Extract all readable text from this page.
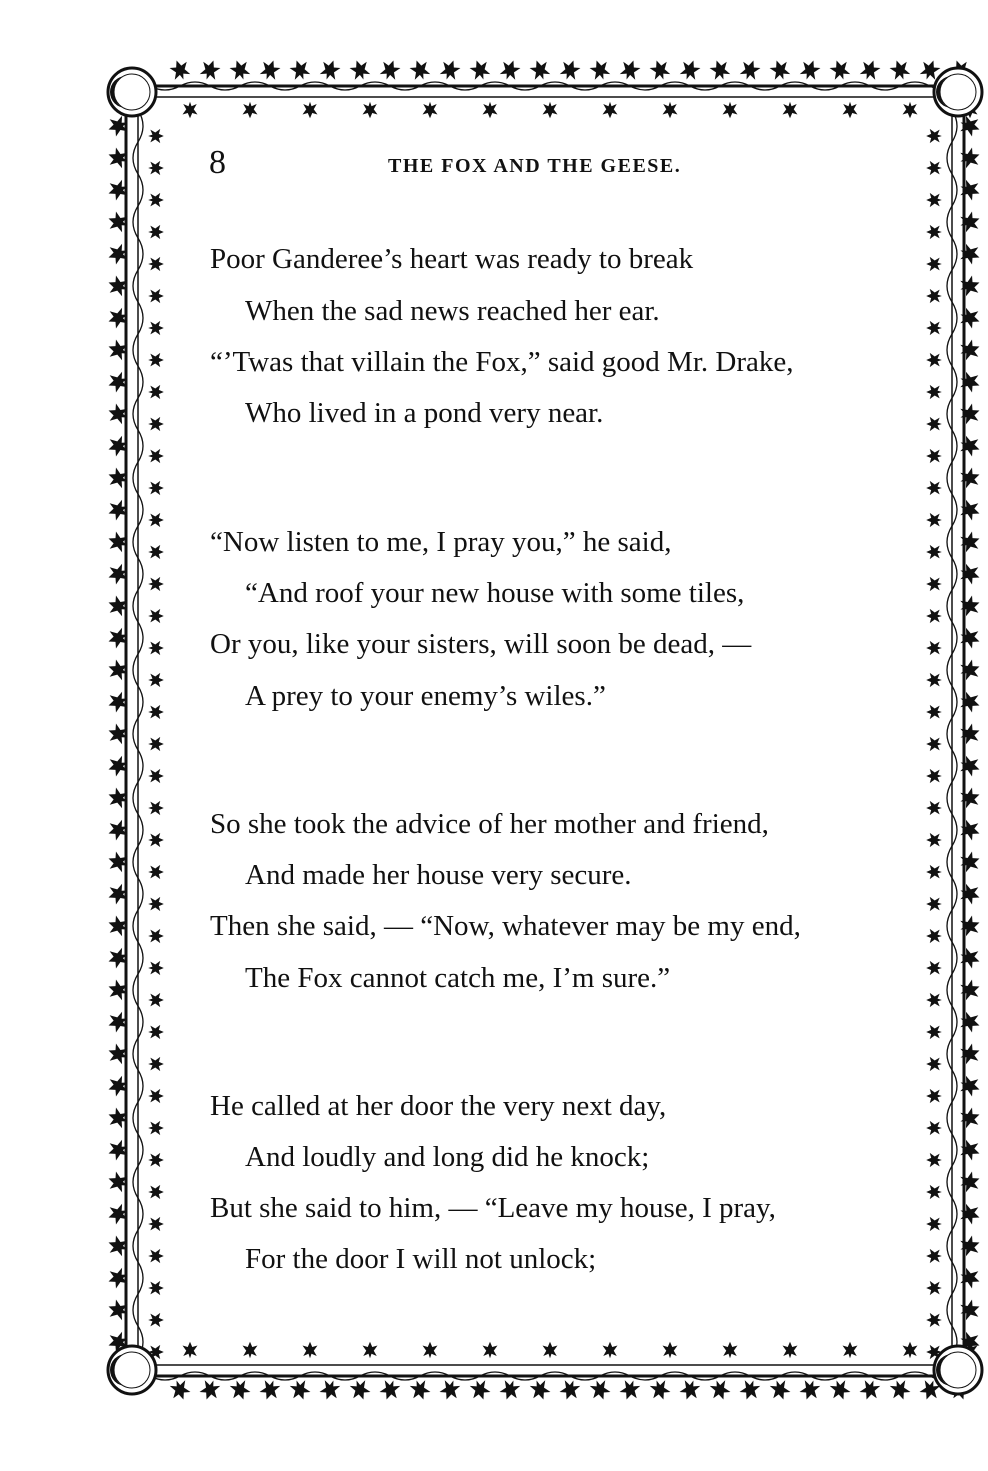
8	THE FOX AND THE GEESE.
Poor Ganderee’s heart was ready to break
When the sad news reached her ear.
“’Twas that villain the Fox,” said good Mr. Drake,
Who lived in a pond very near.
“Now listen to me, I pray you,” he said,
“And roof your new house with some tiles,
Or you, like your sisters, will soon be dead, —
A prey to your enemy’s wiles.”
So she took the advice of her mother and friend,
And made her house very secure.
Then she said, — “Now, whatever may be my end,
The Fox cannot catch me, I’m sure.”
He called at her door the very next day,
And loudly and long did he knock;
But she said to him, — “Leave my house, I pray,
For the door I will not unlock;
